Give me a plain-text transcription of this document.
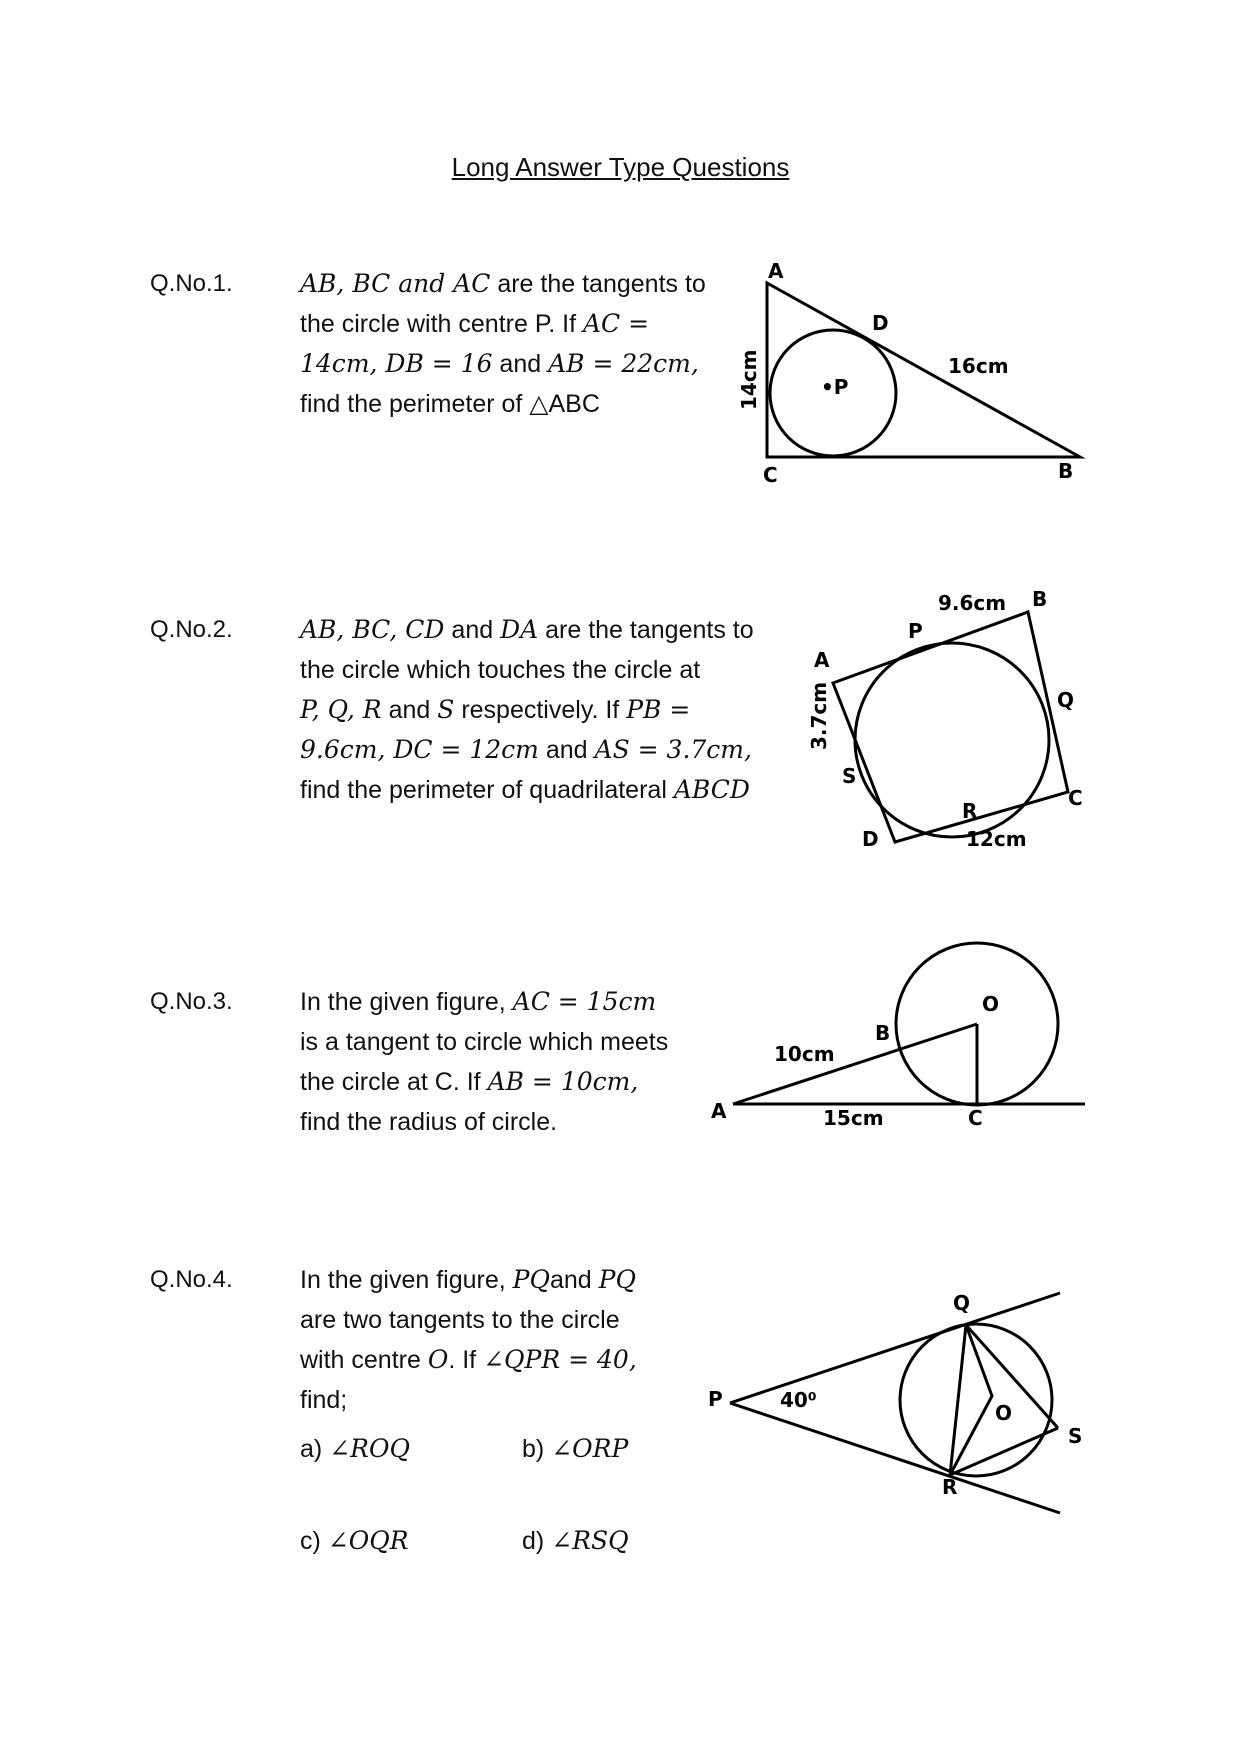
Long Answer Type Questions
Q.No.1.	AB, BC and AC are the tangents to
the circle with centre P. If AC =
14cm, DB = 16 and AB = 22cm,
find the perimeter of △ABC
A
D
16cm
•P
C	B
14cm
Q.No.2.	AB, BC, CD and DA are the tangents to
the circle which touches the circle at
P, Q, R and S respectively. If PB =
9.6cm, DC = 12cm and AS = 3.7cm,
find the perimeter of quadrilateral ABCD
9.6cm B
P
A
Q
S
C
R
D	12cm
3.7cm
Q.No.3.	In the given figure, AC = 15cm
is a tangent to circle which meets
the circle at C. If AB = 10cm,
find the radius of circle.
O
B
10cm
A	15cm	C
Q.No.4.	In the given figure, PQand PQ
are two tangents to the circle
with centre O. If ∠QPR = 40,
find;
a) ∠ROQ	b) ∠ORP
c) ∠OQR	d) ∠RSQ
Q
P	40⁰
O
S
R
